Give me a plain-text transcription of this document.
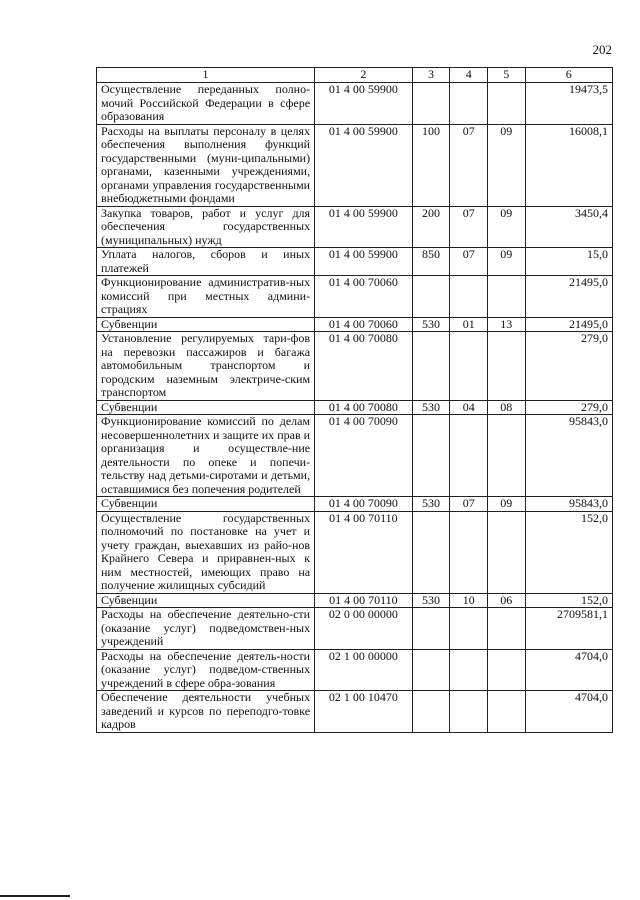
202
1	2	3	4	5	6
Осуществление переданных полно-мочий Российской Федерации в сфере образования	01 4 00 59900				19473,5
Расходы на выплаты персоналу в целях обеспечения выполнения функций государственными (муни-ципальными) органами, казенными учреждениями, органами управления государственными внебюджетными фондами	01 4 00 59900	100	07	09	16008,1
Закупка товаров, работ и услуг для обеспечения государственных (муниципальных) нужд	01 4 00 59900	200	07	09	3450,4
Уплата налогов, сборов и иных платежей	01 4 00 59900	850	07	09	15,0
Функционирование административ-ных комиссий при местных админи-страциях	01 4 00 70060				21495,0
Субвенции	01 4 00 70060	530	01	13	21495,0
Установление регулируемых тари-фов на перевозки пассажиров и багажа автомобильным транспортом и городским наземным электриче-ским транспортом	01 4 00 70080				279,0
Субвенции	01 4 00 70080	530	04	08	279,0
Функционирование комиссий по делам несовершеннолетних и защите их прав и организация и осуществле-ние деятельности по опеке и попечи-тельству над детьми-сиротами и детьми, оставшимися без попечения родителей	01 4 00 70090				95843,0
Субвенции	01 4 00 70090	530	07	09	95843,0
Осуществление государственных полномочий по постановке на учет и учету граждан, выехавших из райо-нов Крайнего Севера и приравнен-ных к ним местностей, имеющих право на получение жилищных субсидий	01 4 00 70110				152,0
Субвенции	01 4 00 70110	530	10	06	152,0
Расходы на обеспечение деятельно-сти (оказание услуг) подведомствен-ных учреждений	02 0 00 00000				2709581,1
Расходы на обеспечение деятель-ности (оказание услуг) подведом-ственных учреждений в сфере обра-зования	02 1 00 00000				4704,0
Обеспечение деятельности учебных заведений и курсов по переподго-товке кадров	02 1 00 10470				4704,0
